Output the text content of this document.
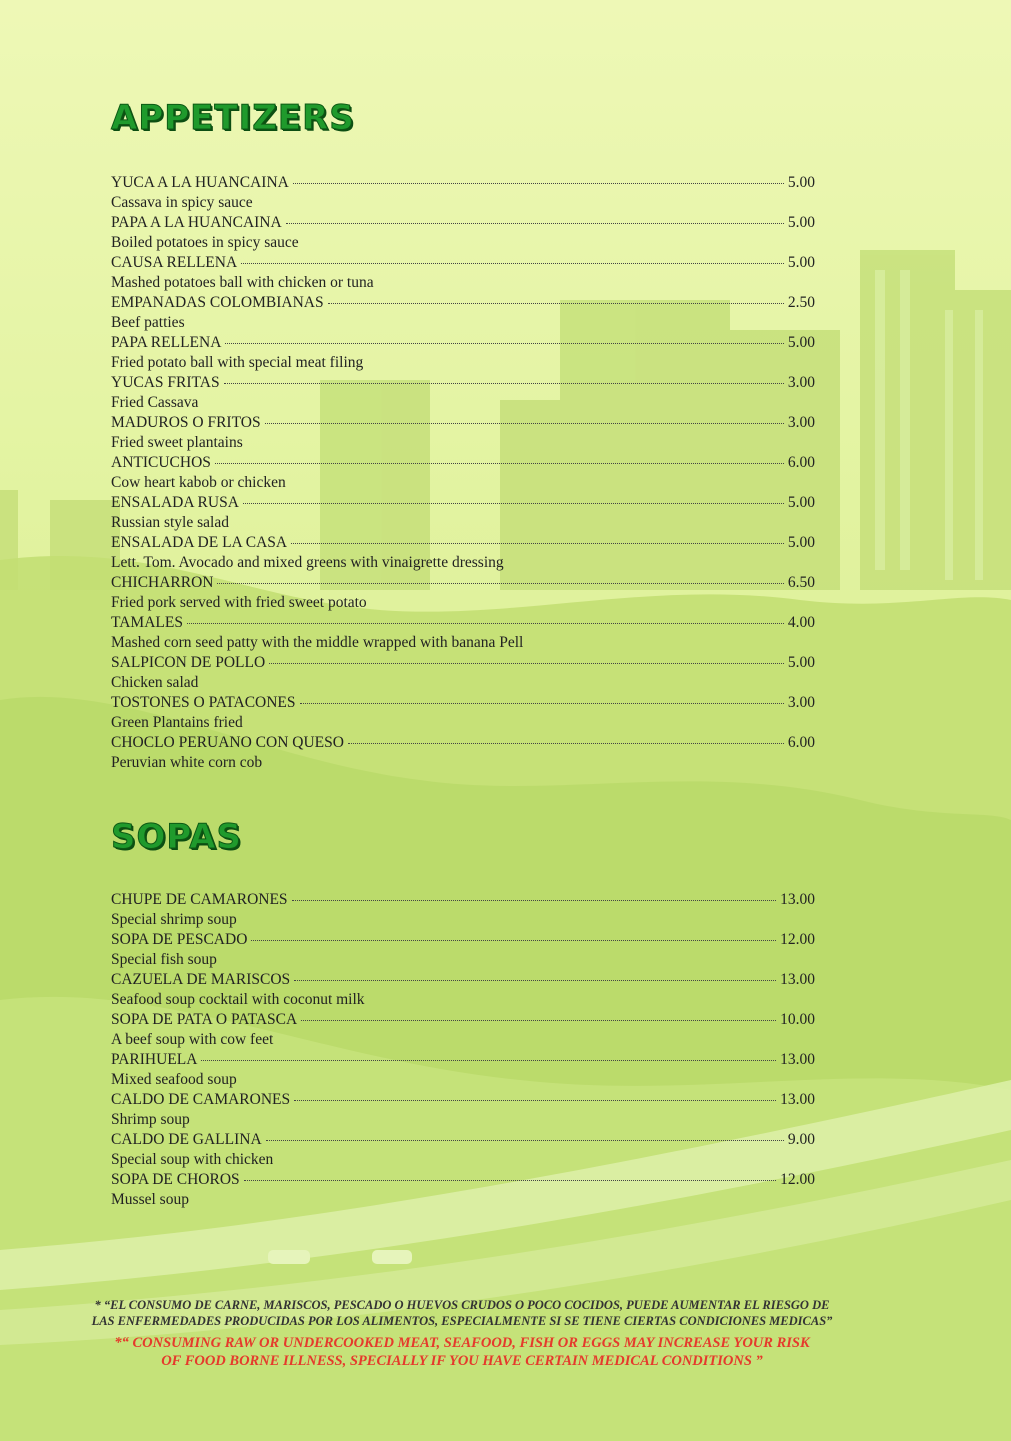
APPETIZERS
YUCA A LA HUANCAINA	5.00
Cassava in spicy sauce
PAPA A LA HUANCAINA	5.00
Boiled potatoes in spicy sauce
CAUSA RELLENA	5.00
Mashed potatoes ball with chicken or tuna
EMPANADAS COLOMBIANAS	2.50
Beef patties
PAPA RELLENA	5.00
Fried potato ball with special meat filing
YUCAS FRITAS	3.00
Fried Cassava
MADUROS O FRITOS	3.00
Fried sweet plantains
ANTICUCHOS	6.00
Cow heart kabob or chicken
ENSALADA RUSA	5.00
Russian style salad
ENSALADA DE LA CASA	5.00
Lett. Tom. Avocado and mixed greens with vinaigrette dressing
CHICHARRON	6.50
Fried pork served with fried sweet potato
TAMALES	4.00
Mashed corn seed patty with the middle wrapped with banana Pell
SALPICON DE POLLO	5.00
Chicken salad
TOSTONES O PATACONES	3.00
Green Plantains fried
CHOCLO PERUANO CON QUESO	6.00
Peruvian white corn cob
SOPAS
CHUPE DE CAMARONES	13.00
Special shrimp soup
SOPA DE PESCADO	12.00
Special fish soup
CAZUELA DE MARISCOS	13.00
Seafood soup cocktail with coconut milk
SOPA DE PATA O PATASCA	10.00
A beef soup with cow feet
PARIHUELA	13.00
Mixed seafood soup
CALDO DE CAMARONES	13.00
Shrimp soup
CALDO DE GALLINA	9.00
Special soup with chicken
SOPA DE CHOROS	12.00
Mussel soup
* “EL CONSUMO DE CARNE, MARISCOS, PESCADO O HUEVOS CRUDOS O POCO COCIDOS, PUEDE AUMENTAR EL RIESGO DE
LAS ENFERMEDADES PRODUCIDAS POR LOS ALIMENTOS, ESPECIALMENTE SI SE TIENE CIERTAS CONDICIONES MEDICAS”
*“ CONSUMING RAW OR UNDERCOOKED MEAT, SEAFOOD, FISH OR EGGS MAY INCREASE YOUR RISK
OF FOOD BORNE ILLNESS, SPECIALLY IF YOU HAVE CERTAIN MEDICAL CONDITIONS ”
